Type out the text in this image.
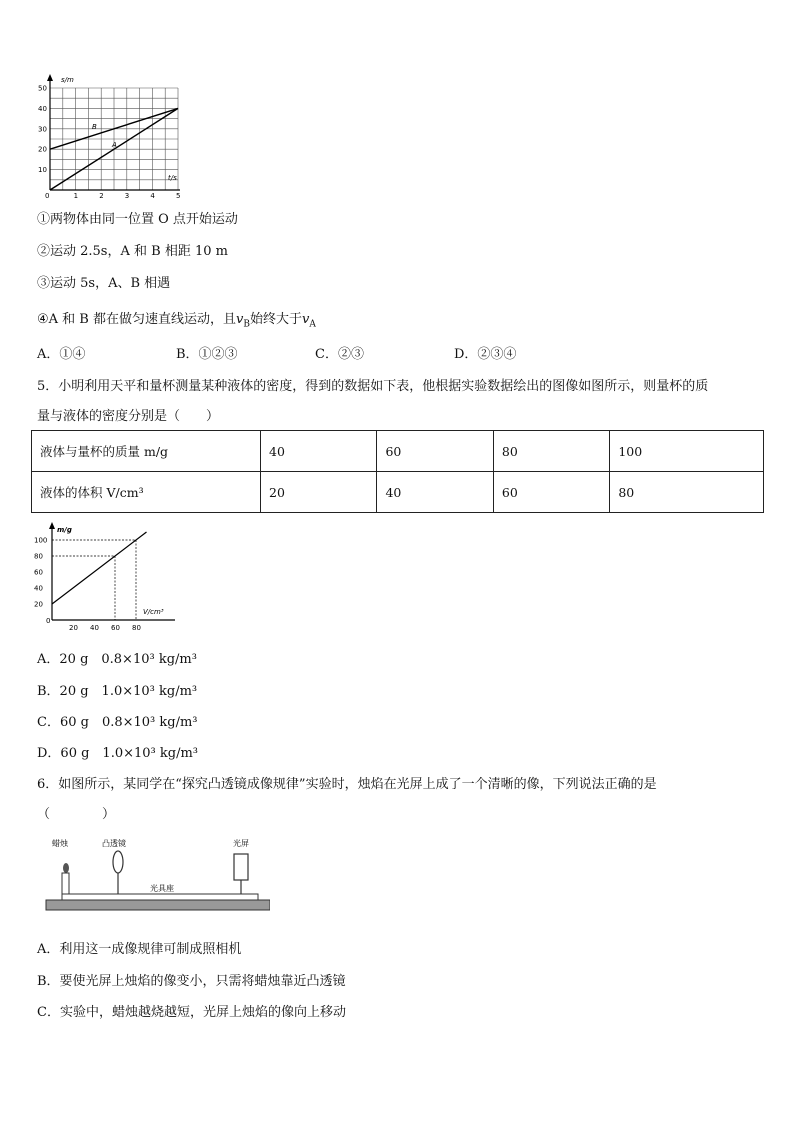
s/m
t/s
0
50
40
30
20
10
1	2	3	4	5
B
A
①两物体由同一位置 O 点开始运动
②运动 2.5s，A 和 B 相距 10 m
③运动 5s，A、B 相遇
④A 和 B 都在做匀速直线运动，且$v_B$始终大于$v_A$
A．①④	B．①②③	C．②③	D．②③④
5．小明利用天平和量杯测量某种液体的密度，得到的数据如下表，他根据实验数据绘出的图像如图所示，则量杯的质
量与液体的密度分别是（　　）
液体与量杯的质量 m/g	40	60	80	100
液体的体积 V/cm³	20	40	60	80
m/g
V/cm³
0
100
80
60
40
20
20 40 60 80
A．20 g　0.8×10³ kg/m³
B．20 g　1.0×10³ kg/m³
C．60 g　0.8×10³ kg/m³
D．60 g　1.0×10³ kg/m³
6．如图所示，某同学在“探究凸透镜成像规律”实验时，烛焰在光屏上成了一个清晰的像，下列说法正确的是
（　　　　）
蜡烛	凸透镜	光屏
光具座
A．利用这一成像规律可制成照相机
B．要使光屏上烛焰的像变小，只需将蜡烛靠近凸透镜
C．实验中，蜡烛越烧越短，光屏上烛焰的像向上移动
